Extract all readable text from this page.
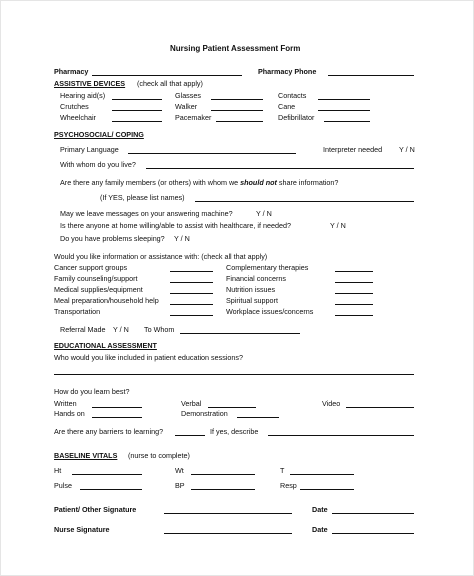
Nursing Patient Assessment Form
Pharmacy	Pharmacy Phone
ASSISTIVE DEVICES (check all that apply)
Hearing aid(s)	Glasses	Contacts
Crutches	Walker	Cane
Wheelchair	Pacemaker	Defibrillator
PSYCHOSOCIAL/ COPING
Primary Language	Interpreter needed Y / N
With whom do you live?
Are there any family members (or others) with whom we should not share information?
(If YES, please list names)
May we leave messages on your answering machine?	Y / N
Is there anyone at home willing/able to assist with healthcare, if needed?	Y / N
Do you have problems sleeping? Y / N
Would you like information or assistance with: (check all that apply)
Cancer support groups	Complementary therapies
Family counseling/support	Financial concerns
Medical supplies/equipment	Nutrition issues
Meal preparation/household help	Spiritual support
Transportation	Workplace issues/concerns
Referral Made Y / N To Whom
EDUCATIONAL ASSESSMENT
Who would you like included in patient education sessions?
How do you learn best?
Written	Verbal	Video
Hands on	Demonstration
Are there any barriers to learning?	If yes, describe
BASELINE VITALS (nurse to complete)
Ht	Wt	T
Pulse	BP	Resp
Patient/ Other Signature	Date
Nurse Signature	Date
